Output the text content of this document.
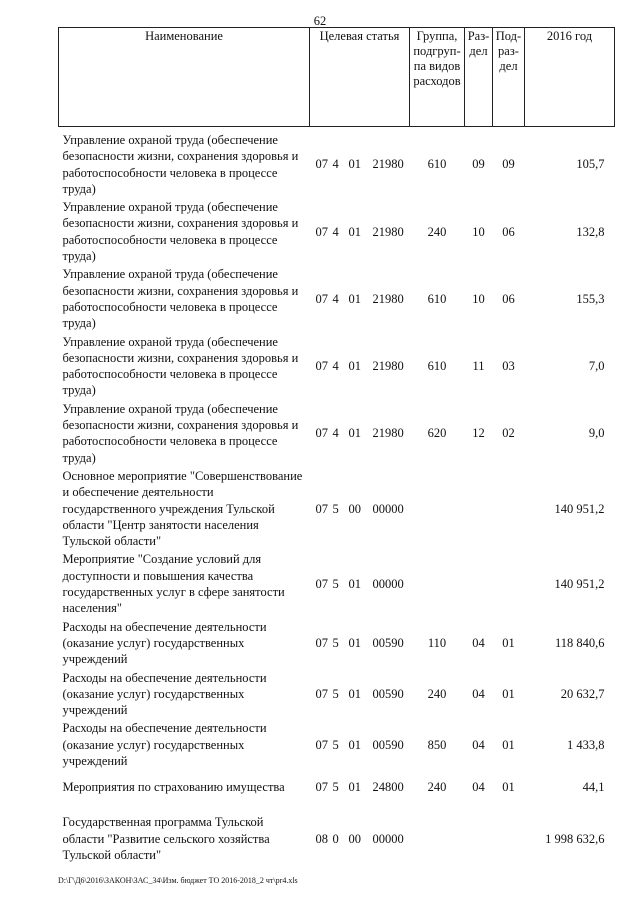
62
Наименование	Целевая статья	Группа, подгруп- па видов расходов	Раз- дел	Под- раз- дел	2016 год
Управление охраной труда (обеспечение безопасности жизни, сохранения здоровья и работоспособности человека в процессе труда)	07 4 01 21980	610	09	09	105,7
Управление охраной труда (обеспечение безопасности жизни, сохранения здоровья и работоспособности человека в процессе труда)	07 4 01 21980	240	10	06	132,8
Управление охраной труда (обеспечение безопасности жизни, сохранения здоровья и работоспособности человека в процессе труда)	07 4 01 21980	610	10	06	155,3
Управление охраной труда (обеспечение безопасности жизни, сохранения здоровья и работоспособности человека в процессе труда)	07 4 01 21980	610	11	03	7,0
Управление охраной труда (обеспечение безопасности жизни, сохранения здоровья и работоспособности человека в процессе труда)	07 4 01 21980	620	12	02	9,0
Основное мероприятие "Совершенствование и обеспечение деятельности государственного учреждения Тульской области "Центр занятости населения Тульской области"	07 5 00 00000				140 951,2
Мероприятие "Создание условий для доступности и повышения качества государственных услуг в сфере занятости населения"	07 5 01 00000				140 951,2
Расходы на обеспечение деятельности (оказание услуг) государственных учреждений	07 5 01 00590	110	04	01	118 840,6
Расходы на обеспечение деятельности (оказание услуг) государственных учреждений	07 5 01 00590	240	04	01	20 632,7
Расходы на обеспечение деятельности (оказание услуг) государственных учреждений	07 5 01 00590	850	04	01	1 433,8
Мероприятия по страхованию имущества	07 5 01 24800	240	04	01	44,1
Государственная программа Тульской области "Развитие сельского хозяйства Тульской области"	08 0 00 00000				1 998 632,6
D:\Г\Д6\2016\ЗАКОН\ЗАС_34\Изм. бюджет ТО 2016-2018_2 чт\pr4.xls
